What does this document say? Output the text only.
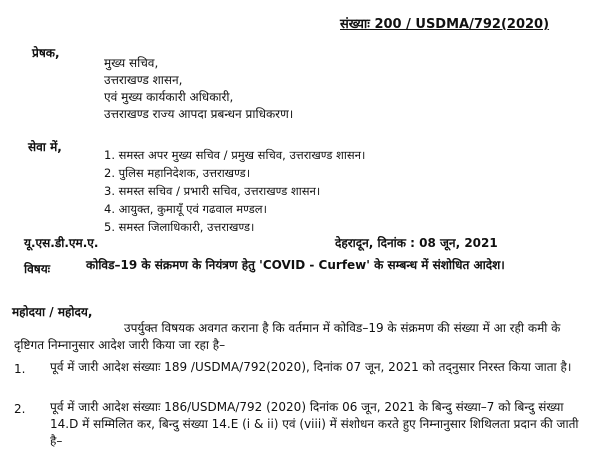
संख्याः 200 / USDMA/792(2020)
प्रेषक,
मुख्य सचिव,
उत्तराखण्ड शासन,
एवं मुख्य कार्यकारी अधिकारी,
उत्तराखण्ड राज्य आपदा प्रबन्धन प्राधिकरण।
सेवा में,
1. समस्त अपर मुख्य सचिव / प्रमुख सचिव, उत्तराखण्ड शासन।
2. पुलिस महानिदेशक, उत्तराखण्ड।
3. समस्त सचिव / प्रभारी सचिव, उत्तराखण्ड शासन।
4. आयुक्त, कुमायूँ एवं गढवाल मण्डल।
5. समस्त जिलाधिकारी, उत्तराखण्ड।
यू.एस.डी.एम.ए.	देहरादून, दिनांक : 08 जून, 2021
विषयः	कोविड–19 के संक्रमण के नियंत्रण हेतु 'COVID - Curfew' के सम्बन्ध में संशोधित आदेश।
महोदया / महोदय,
उपर्युक्त विषयक अवगत कराना है कि वर्तमान में कोविड–19 के संक्रमण की संख्या में आ रही कमी के दृष्टिगत निम्नानुसार आदेश जारी किया जा रहा है–
1. पूर्व में जारी आदेश संख्याः 189 /USDMA/792(2020), दिनांक 07 जून, 2021 को तद्नुसार निरस्त किया जाता है।
2. पूर्व में जारी आदेश संख्याः 186/USDMA/792 (2020) दिनांक 06 जून, 2021 के बिन्दु संख्या–7 को बिन्दु संख्या 14.D में सम्मिलित कर, बिन्दु संख्या 14.E (i & ii) एवं (viii) में संशोधन करते हुए निम्नानुसार शिथिलता प्रदान की जाती है–
